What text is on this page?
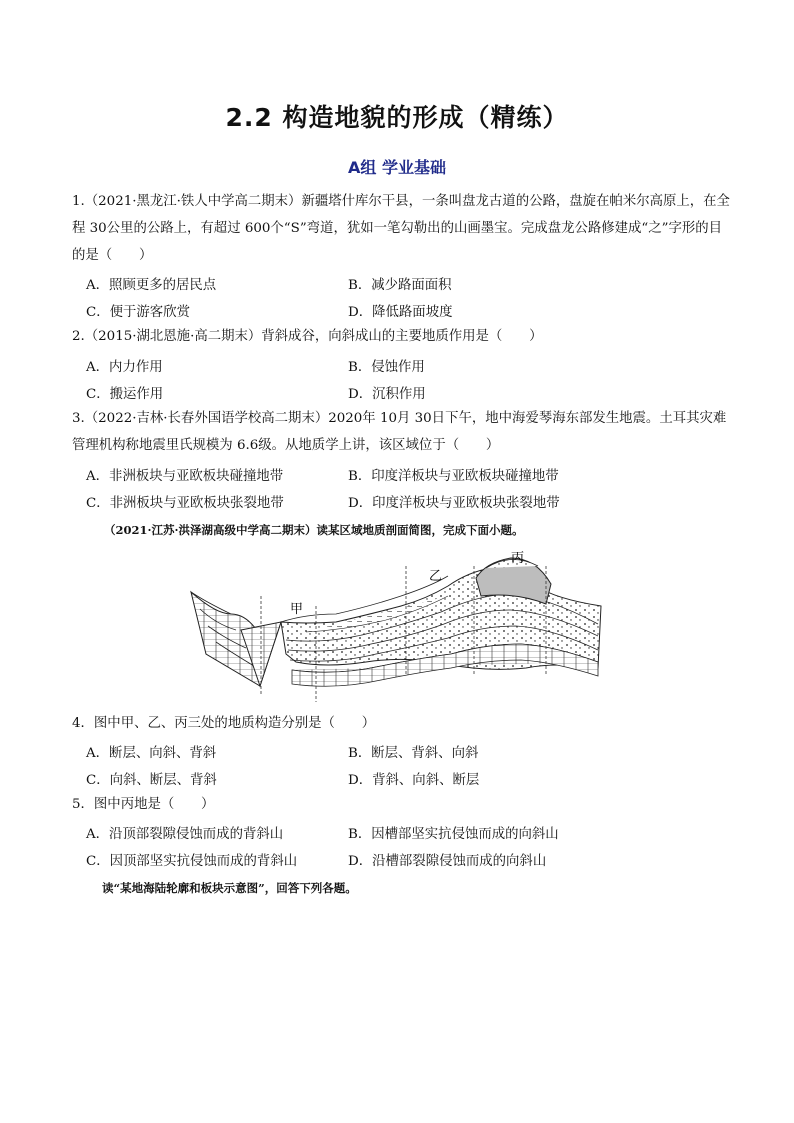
2.2 构造地貌的形成（精练）
A组 学业基础
1.（2021·黑龙江·铁人中学高二期末）新疆塔什库尔干县，一条叫盘龙古道的公路，盘旋在帕米尔高原上，在全程 30公里的公路上，有超过 600个“S”弯道，犹如一笔勾勒出的山画墨宝。完成盘龙公路修建成“之”字形的目的是（　　）
A．照顾更多的居民点	B．减少路面面积
C．便于游客欣赏	D．降低路面坡度
2.（2015·湖北恩施·高二期末）背斜成谷，向斜成山的主要地质作用是（　　）
A．内力作用	B．侵蚀作用
C．搬运作用	D．沉积作用
3.（2022·吉林·长春外国语学校高二期末）2020年 10月 30日下午，地中海爱琴海东部发生地震。土耳其灾难管理机构称地震里氏规模为 6.6级。从地质学上讲，该区域位于（　　）
A．非洲板块与亚欧板块碰撞地带	B．印度洋板块与亚欧板块碰撞地带
C．非洲板块与亚欧板块张裂地带	D．印度洋板块与亚欧板块张裂地带
（2021·江苏·洪泽湖高级中学高二期末）读某区域地质剖面简图，完成下面小题。
甲
乙
丙
4．图中甲、乙、丙三处的地质构造分别是（　　）
A．断层、向斜、背斜	B．断层、背斜、向斜
C．向斜、断层、背斜	D．背斜、向斜、断层
5．图中丙地是（　　）
A．沿顶部裂隙侵蚀而成的背斜山	B．因槽部坚实抗侵蚀而成的向斜山
C．因顶部坚实抗侵蚀而成的背斜山	D．沿槽部裂隙侵蚀而成的向斜山
读“某地海陆轮廓和板块示意图”，回答下列各题。
